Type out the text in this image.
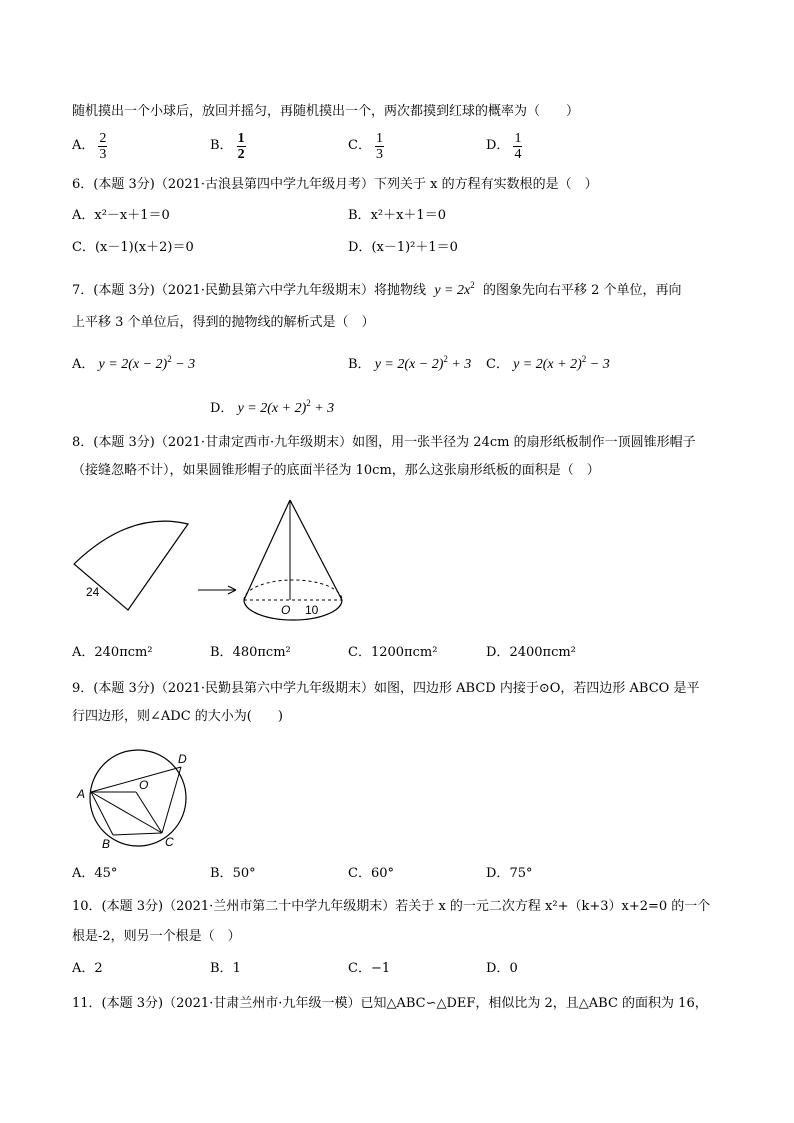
随机摸出一个小球后，放回并摇匀，再随机摸出一个，两次都摸到红球的概率为（　　）
A． $\frac{2}{3}$	B． $\frac{1}{2}$	C． $\frac{1}{3}$	D． $\frac{1}{4}$
6．(本题 3分)（2021·古浪县第四中学九年级月考）下列关于 x 的方程有实数根的是（　）
A．x²－x＋1＝0	B．x²＋x＋1＝0
C．(x－1)(x＋2)＝0	D．(x－1)²＋1＝0
7．(本题 3分)（2021·民勤县第六中学九年级期末）将抛物线 $y = 2x^2$ 的图象先向右平移 2 个单位，再向
上平移 3 个单位后，得到的抛物线的解析式是（　）
A． $y = 2(x - 2)^2 - 3$	B． $y = 2(x - 2)^2 + 3$ C． $y = 2(x + 2)^2 - 3$
D． $y = 2(x + 2)^2 + 3$
8．(本题 3分)（2021·甘肃定西市·九年级期末）如图，用一张半径为 24cm 的扇形纸板制作一顶圆锥形帽子
（接缝忽略不计），如果圆锥形帽子的底面半径为 10cm，那么这张扇形纸板的面积是（　）
24
O 10
A．240πcm²	B．480πcm²	C．1200πcm²	D．2400πcm²
9．(本题 3分)（2021·民勤县第六中学九年级期末）如图，四边形 ABCD 内接于⊙O，若四边形 ABCO 是平
行四边形，则∠ADC 的大小为(　　)
A
B	C
D
O
A．45°	B．50°	C．60°	D．75°
10．(本题 3分)（2021·兰州市第二十中学九年级期末）若关于 x 的一元二次方程 x²+（k+3）x+2=0 的一个
根是-2，则另一个根是（　）
A．2	B．1	C．−1	D．0
11．(本题 3分)（2021·甘肃兰州市·九年级一模）已知△ABC∽△DEF，相似比为 2，且△ABC 的面积为 16，
